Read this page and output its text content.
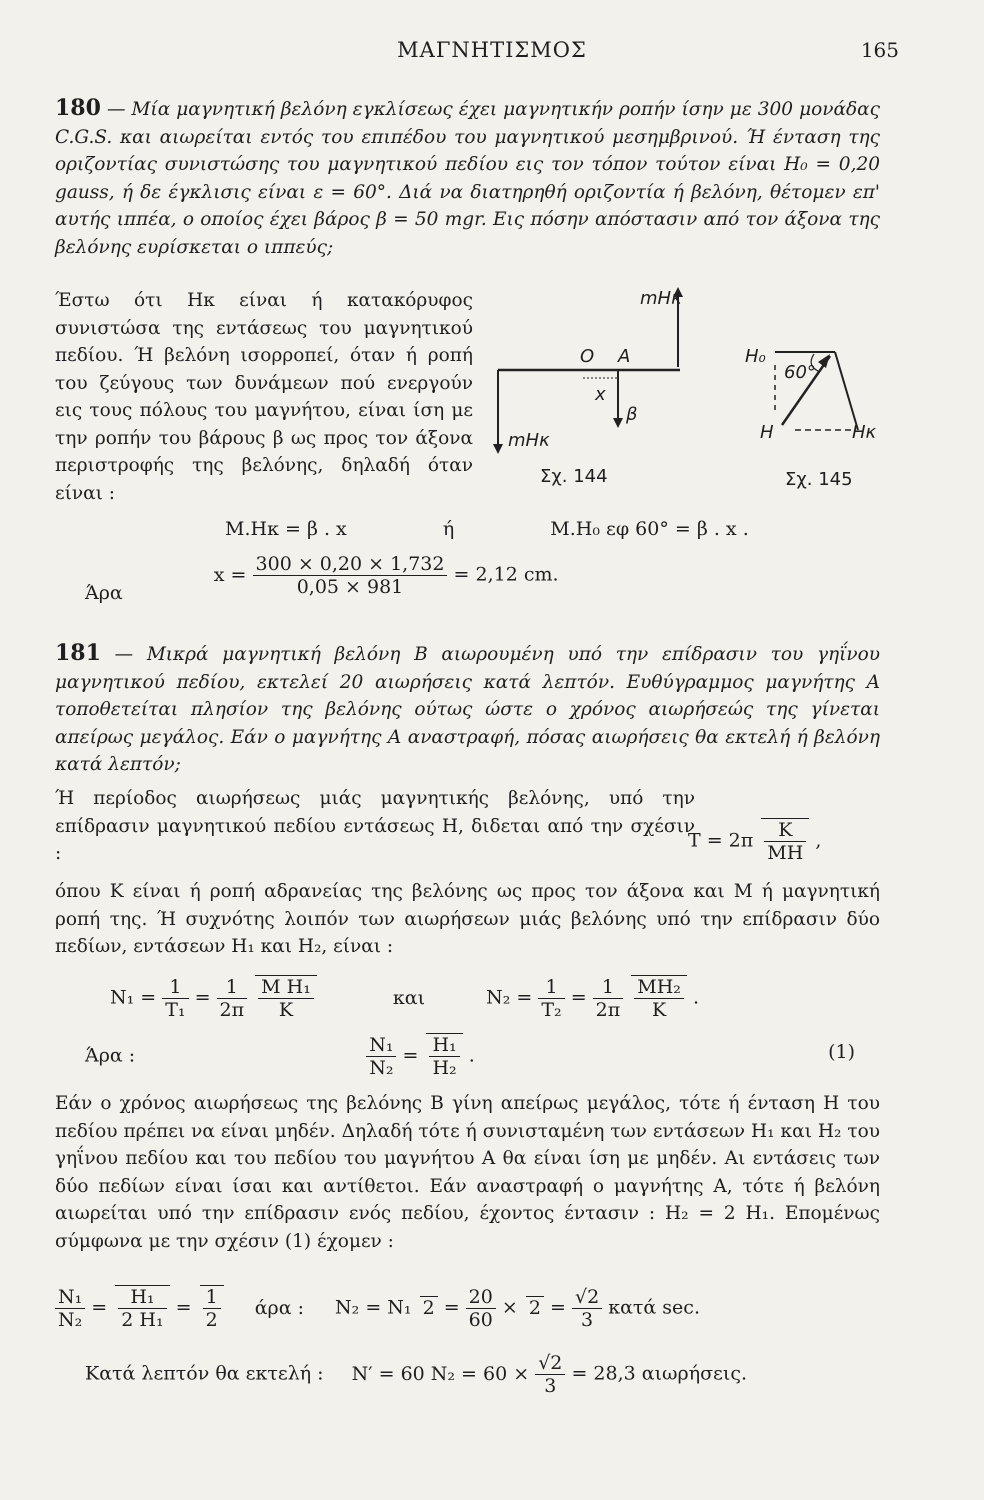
ΜΑΓΝΗΤΙΣΜΟΣ	165
180 — Μία μαγνητική βελόνη εγκλίσεως έχει μαγνητικήν ροπήν ίσην με 300 μονάδας C.G.S. και αιωρείται εντός του επιπέδου του μαγνητικού μεσημβρινού. Ή ένταση της οριζοντίας συνιστώσης του μαγνητικού πεδίου εις τον τόπον τούτον είναι H₀ = 0,20 gauss, ή δε έγκλισις είναι ε = 60°. Διά να διατηρηθή οριζοντία ή βελόνη, θέτομεν επ' αυτής ιππέα, ο οποίος έχει βάρος β = 50 mgr. Εις πόσην απόστασιν από τον άξονα της βελόνης ευρίσκεται ο ιππεύς;
Έστω ότι Hκ είναι ή κατακόρυφος συνιστώσα της εντάσεως του μαγνητικού πεδίου. Ή βελόνη ισορροπεί, όταν ή ροπή του ζεύγους των δυνάμεων πού ενεργούν εις τους πόλους του μαγνήτου, είναι ίση με την ροπήν του βάρους β ως προς τον άξονα περιστροφής της βελόνης, δηλαδή όταν είναι :
mHκ
mHκ
O A
x
β
Σχ. 144
H₀
60°
H	Hκ
Σχ. 145
M.Hκ = β . x	ή	M.H₀ εφ 60° = β . x .
Άρα $x = \frac{300 \times 0,20 \times 1,732}{0,05 \times 981} = 2,12$ cm.
181 — Μικρά μαγνητική βελόνη B αιωρουμένη υπό την επίδρασιν του γηΐνου μαγνητικού πεδίου, εκτελεί 20 αιωρήσεις κατά λεπτόν. Ευθύγραμμος μαγνήτης A τοποθετείται πλησίον της βελόνης ούτως ώστε ο χρόνος αιωρήσεώς της γίνεται απείρως μεγάλος. Εάν ο μαγνήτης A αναστραφή, πόσας αιωρήσεις θα εκτελή ή βελόνη κατά λεπτόν;
Ή περίοδος αιωρήσεως μιάς μαγνητικής βελόνης, υπό την επίδρασιν μαγνητικού πεδίου εντάσεως H, διδεται από την σχέσιν :
$T = 2\pi \frac{K}{MH}$ ,
όπου K είναι ή ροπή αδρανείας της βελόνης ως προς τον άξονα και M ή μαγνητική ροπή της. Ή συχνότης λοιπόν των αιωρήσεων μιάς βελόνης υπό την επίδρασιν δύο πεδίων, εντάσεων H₁ και H₂, είναι :
$N_1 = \frac{1}{\text{T₁}} = \frac{1}{2\pi}$
$\frac{\text{M H₁}}{K}$	και	$N_2 = \frac{1}{\text{T₂}} = \frac{1}{2\pi}$
$\frac{\text{MH₂}}{K}$ .
Άρα :	$\frac{\text{N₁}}{\text{N₂}} = \frac{\text{H₁}}{\text{H₂}}$ .	(1)
Εάν ο χρόνος αιωρήσεως της βελόνης B γίνη απείρως μεγάλος, τότε ή ένταση H του πεδίου πρέπει να είναι μηδέν. Δηλαδή τότε ή συνισταμένη των εντάσεων H₁ και H₂ του γηΐνου πεδίου και του πεδίου του μαγνήτου A θα είναι ίση με μηδέν. Αι εντάσεις των δύο πεδίων είναι ίσαι και αντίθετοι. Εάν αναστραφή ο μαγνήτης A, τότε ή βελόνη αιωρείται υπό την επίδρασιν ενός πεδίου, έχοντος έντασιν : H₂ = 2 H₁. Επομένως σύμφωνα με την σχέσιν (1) έχομεν :
$\frac{\text{N₁}}{\text{N₂}} = \frac{\text{H₁}}{\text{2 H₁}} = \frac{1}{2}$ άρα : N₂ = N₁ $2 = \frac{20}{60} \times 2 = \frac{√2}{3}$ κατά sec.
Κατά λεπτόν θα εκτελή : N′ = 60 $N_2 = 60 \times \frac{√2}{3} = 28,3$ αιωρήσεις.
